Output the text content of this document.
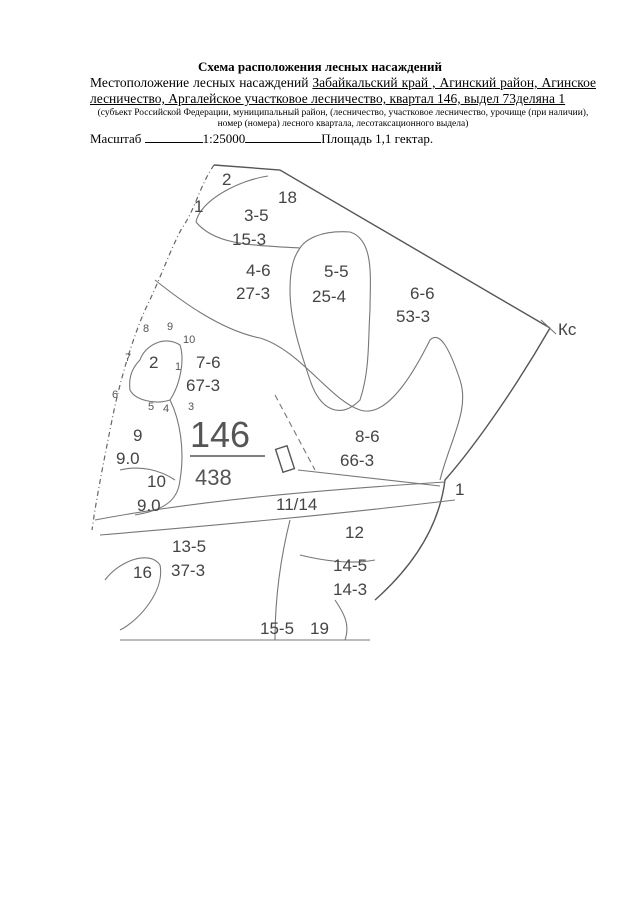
Схема расположения лесных насаждений
Местоположение лесных насаждений Забайкальский край , Агинский район, Агинское лесничество, Аргалейское участковое лесничество, квартал 146, выдел 73деляна 1
(субъект Российской Федерации, муниципальный район, (лесничество, участковое лесничество, урочище (при наличии), номер (номера) лесного квартала, лесотаксационного выдела)
Масштаб	1:25000	Площадь 1,1 гектар.
146
438
Кс
2
18
1 3-5
15-3
4-6
27-3
5-5
25-4	6-6
53-3
7-6
67-3
2
9
9.0
10
9.0
8-6
66-3
11/14
12
13-5
37-3
16	14-5
14-3
15-5 19
1
8 9
10
7
1
6
5 4 3
